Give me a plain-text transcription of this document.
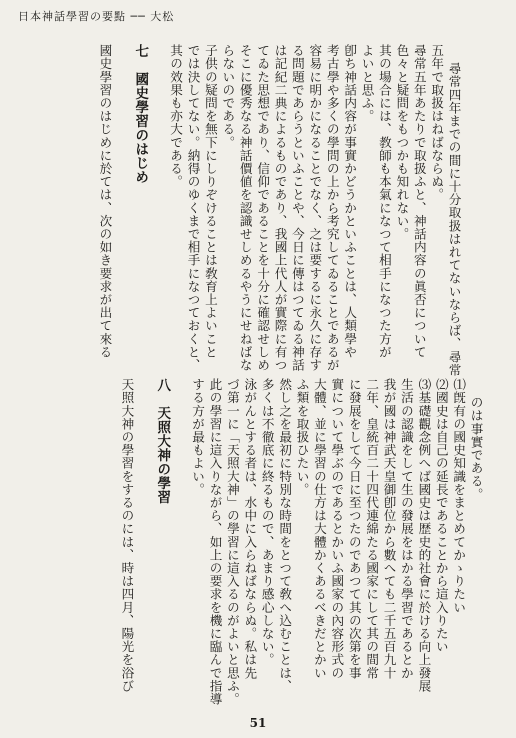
日本神話學習の要點 ── 大松

尋常四年までの間に十分取扱はれてないならば、尋常
五年で取扱はねばならぬ。
尋常五年あたりで取扱ふと、神話内容の眞否について
色々と疑問をもつかも知れない。
其の場合には、教師も本氣になつて相手になつた方が
よいと思ふ。
卽ち神話内容が事實かどうかといふことは、人類學や
考古學や多くの學問の上から考究してゐることであるが
容易に明かになることでなく、之は要するに永久に存す
る問題であらうといふことや、今日に傳はつてゐる神話
は記紀二典によるものであり、我國上代人が實際に有つ
てゐた思想であり、信仰であることを十分に確認せしめ
そこに優秀なる神話價値を認識せしめるやうにせねばな
らないのである。
子供の疑問を無下にしりぞけることは敎育上よいこと
では決してない。納得のゆくまで相手になつておくと、
其の效果も亦大である。

七　國史學習のはじめ

國史學習のはじめに於ては、次の如き要求が出て來る

のは事實である。
⑴旣有の國史知識をまとめてかゝりたい
⑵國史は自己の延長であることから這入りたい
⑶基礎觀念例へば國史は歴史的社會に於ける向上發展
生活の認識をして生の發展をはかる學習であるとか
我が國は神武天皇御卽位から數へても二千五百九十
二年、皇統百二十四代連綿たる國家にして其の間常
に發展をして今日に至つたのであつて其の次第を事
實について學ぶのであるとかいふ國家の內容形式の
大體、並に學習の仕方は大體かくあるべきだとかい
ふ類を取扱ひたい。
然し之を最初に特別な時間をとつて敎へ込むことは、
多くは不徹底に終るもので、あまり感心しない。
泳がんとする者は、水中に入らねばならぬ。私は先
づ第一に「天照大神」の學習に這入るのがよいと思ふ。
此の學習に這入りながら、如上の要求を機に臨んで指導
する方が最もよい。

八　天照大神の學習

天照大神の學習をするのには、時は四月、陽光を浴び

51
